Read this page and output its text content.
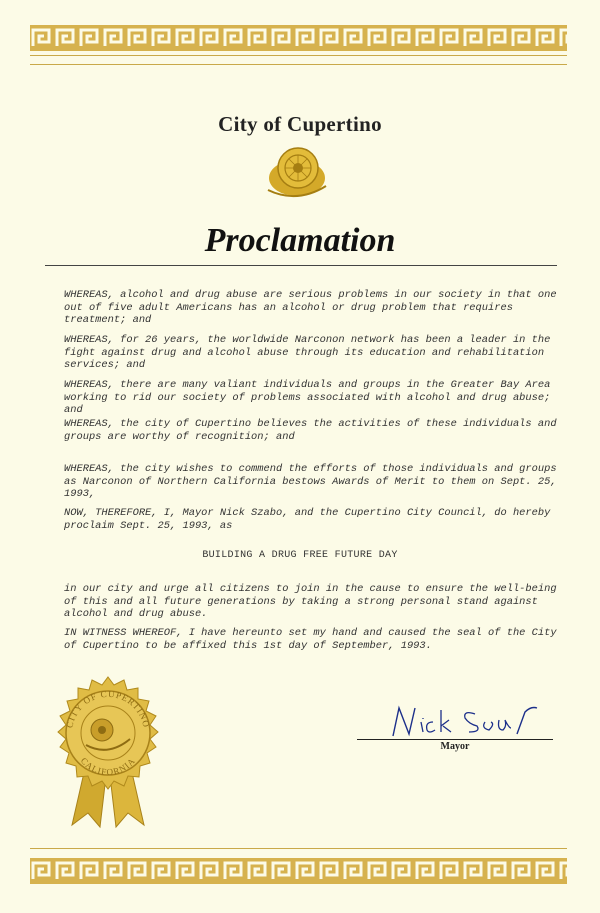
City of Cupertino
Proclamation

WHEREAS, alcohol and drug abuse are serious problems in our society in that one out of five adult Americans has an alcohol or drug problem that requires treatment; and

WHEREAS, for 26 years, the worldwide Narconon network has been a leader in the fight against drug and alcohol abuse through its education and rehabilitation services; and

WHEREAS, there are many valiant individuals and groups in the Greater Bay Area working to rid our society of problems associated with alcohol and drug abuse; and

WHEREAS, the city of Cupertino believes the activities of these individuals and groups are worthy of recognition; and

WHEREAS, the city wishes to commend the efforts of those individuals and groups as Narconon of Northern California bestows Awards of Merit to them on Sept. 25, 1993,

NOW, THEREFORE, I, Mayor Nick Szabo, and the Cupertino City Council, do hereby proclaim Sept. 25, 1993, as

BUILDING A DRUG FREE FUTURE DAY

in our city and urge all citizens to join in the cause to ensure the well-being of this and all future generations by taking a strong personal stand against alcohol and drug abuse.

IN WITNESS WHEREOF, I have hereunto set my hand and caused the seal of the City of Cupertino to be affixed this 1st day of September, 1993.

CITY OF CUPERTINO
CALIFORNIA
Mayor
